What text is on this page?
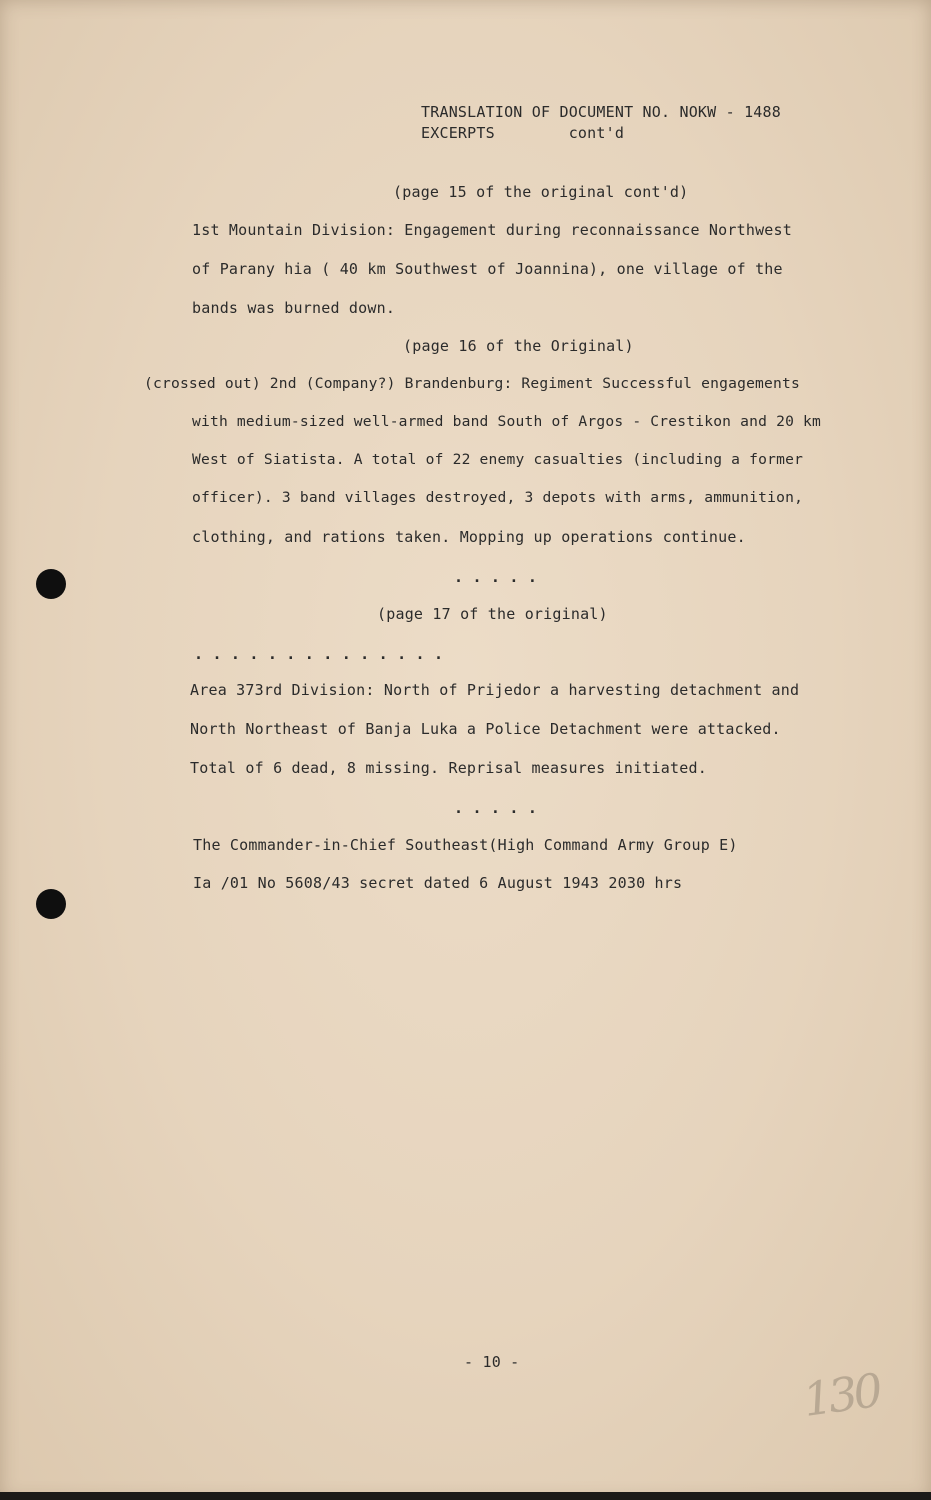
TRANSLATION OF DOCUMENT NO. NOKW - 1488
EXCERPTS        cont'd
(page 15 of the original cont'd)
1st Mountain Division: Engagement during reconnaissance Northwest
of Parany hia ( 40 km Southwest of Joannina), one village of the
bands was burned down.
(page 16 of the Original)
(crossed out) 2nd (Company?) Brandenburg: Regiment Successful engagements
with medium-sized well-armed band South of Argos - Crestikon and 20 km
West of Siatista. A total of 22 enemy casualties (including a former
officer). 3 band villages destroyed, 3 depots with arms, ammunition,
clothing, and rations taken. Mopping up operations continue.
. . . . .
(page 17 of the original)
. . . . . . . . . . . . . .
Area 373rd Division: North of Prijedor a harvesting detachment and
North Northeast of Banja Luka a Police Detachment were attacked.
Total of 6 dead, 8 missing. Reprisal measures initiated.
. . . . .
The Commander-in-Chief Southeast(High Command Army Group E)
Ia /01 No 5608/43 secret dated 6 August 1943 2030 hrs
- 10 -
130
